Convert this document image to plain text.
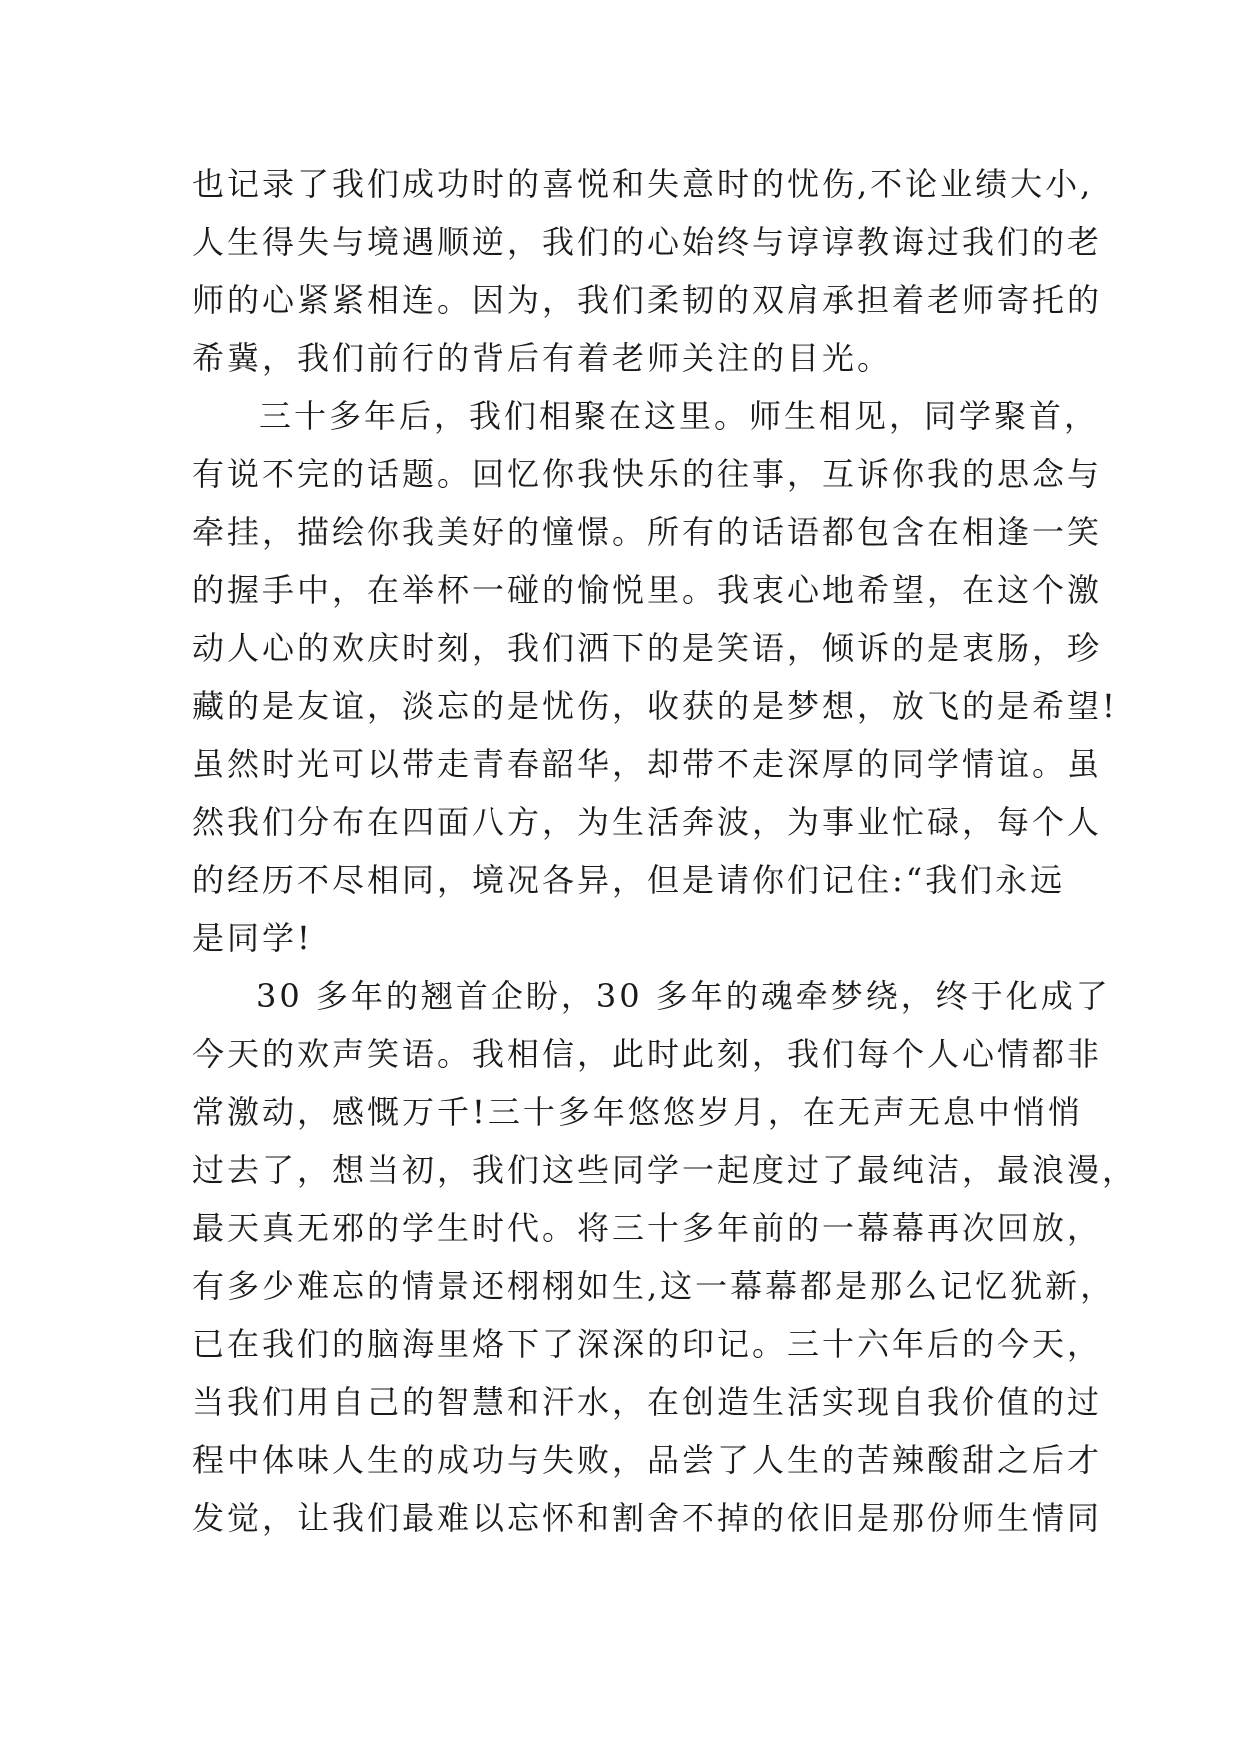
也记录了我们成功时的喜悦和失意时的忧伤,不论业绩大小,
人生得失与境遇顺逆，我们的心始终与谆谆教诲过我们的老
师的心紧紧相连。因为，我们柔韧的双肩承担着老师寄托的
希冀，我们前行的背后有着老师关注的目光。
　三十多年后，我们相聚在这里。师生相见，同学聚首，
有说不完的话题。回忆你我快乐的往事，互诉你我的思念与
牵挂，描绘你我美好的憧憬。所有的话语都包含在相逢一笑
的握手中，在举杯一碰的愉悦里。我衷心地希望，在这个激
动人心的欢庆时刻，我们洒下的是笑语，倾诉的是衷肠，珍
藏的是友谊，淡忘的是忧伤，收获的是梦想，放飞的是希望!
虽然时光可以带走青春韶华，却带不走深厚的同学情谊。虽
然我们分布在四面八方，为生活奔波，为事业忙碌，每个人
的经历不尽相同，境况各异，但是请你们记住:“我们永远
是同学!
30 多年的翘首企盼，30 多年的魂牵梦绕，终于化成了
今天的欢声笑语。我相信，此时此刻，我们每个人心情都非
常激动，感慨万千!三十多年悠悠岁月，在无声无息中悄悄
过去了，想当初，我们这些同学一起度过了最纯洁，最浪漫，
最天真无邪的学生时代。将三十多年前的一幕幕再次回放，
有多少难忘的情景还栩栩如生,这一幕幕都是那么记忆犹新，
已在我们的脑海里烙下了深深的印记。三十六年后的今天，
当我们用自己的智慧和汗水，在创造生活实现自我价值的过
程中体味人生的成功与失败，品尝了人生的苦辣酸甜之后才
发觉，让我们最难以忘怀和割舍不掉的依旧是那份师生情同
